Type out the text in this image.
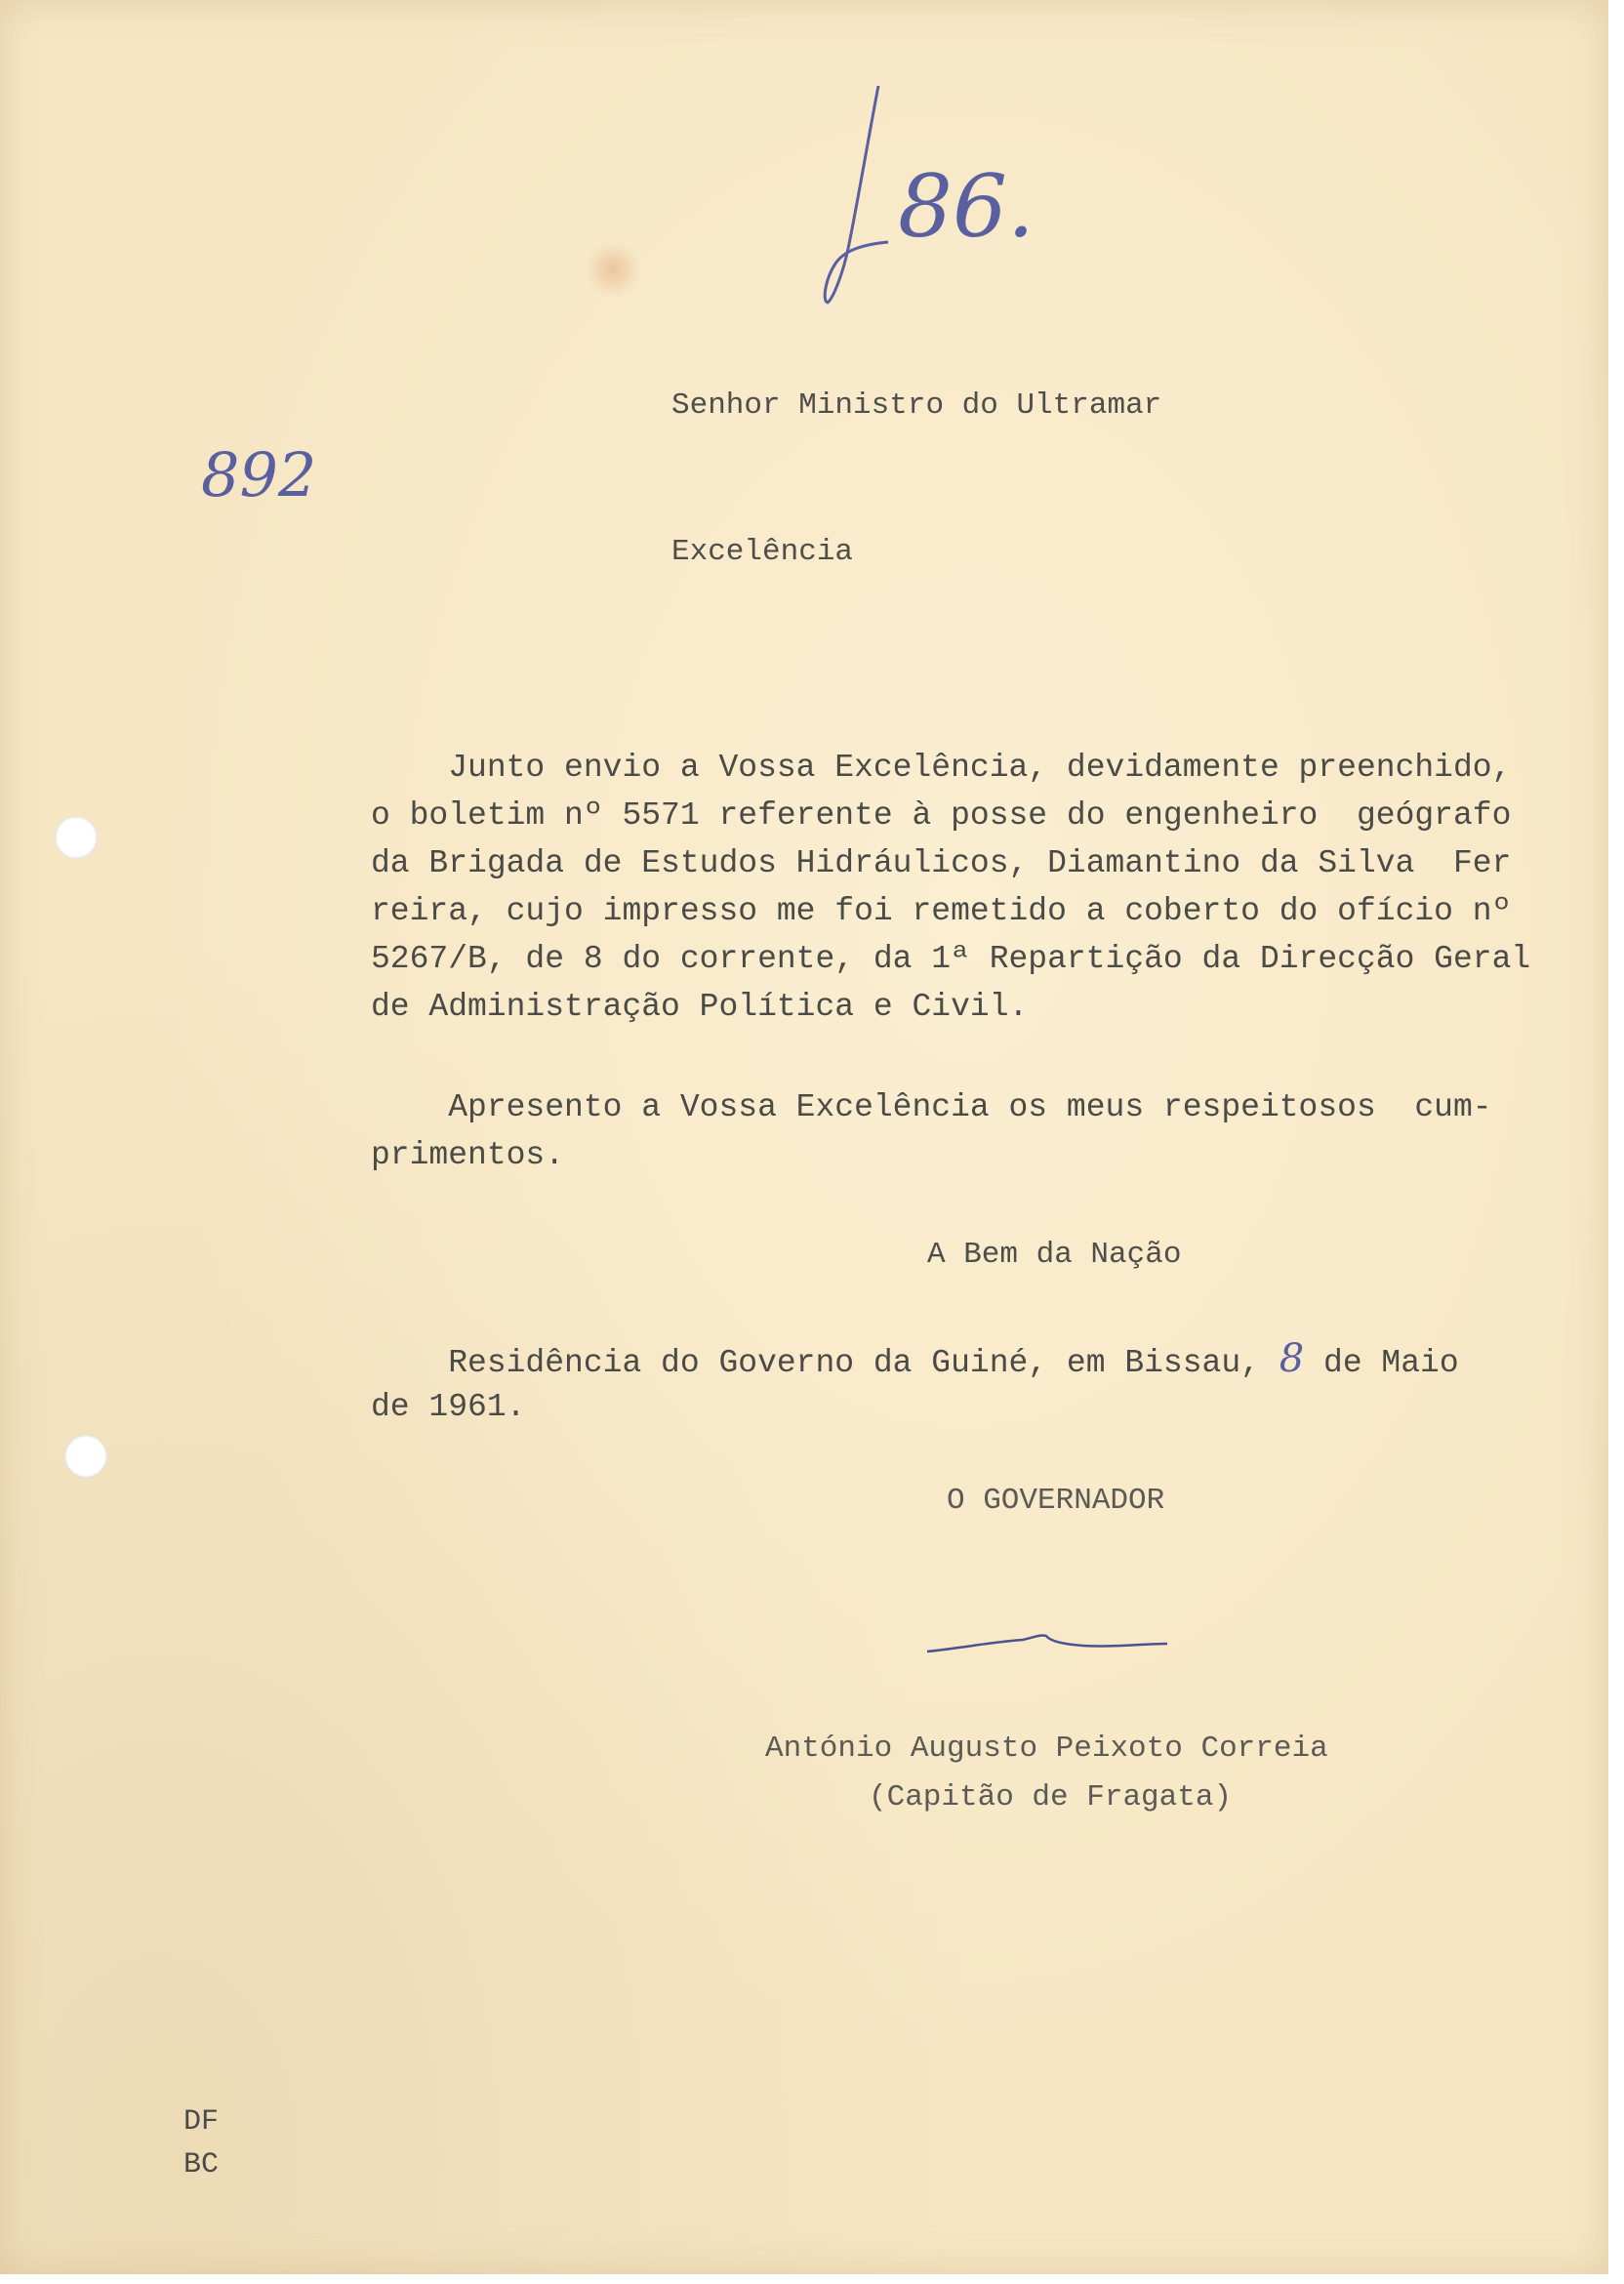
86.
892

Senhor Ministro do Ultramar

Excelência

Junto envio a Vossa Excelência, devidamente preenchido,

o boletim nº 5571 referente à posse do engenheiro  geógrafo

da Brigada de Estudos Hidráulicos, Diamantino da Silva  Fer

reira, cujo impresso me foi remetido a coberto do ofício nº

5267/B, de 8 do corrente, da 1ª Repartição da Direcção Geral

de Administração Política e Civil.

Apresento a Vossa Excelência os meus respeitosos  cum-

primentos.

A Bem da Nação

Residência do Governo da Guiné, em Bissau, 8 de Maio

de 1961.

O GOVERNADOR

António Augusto Peixoto Correia

(Capitão de Fragata)

DF

BC
